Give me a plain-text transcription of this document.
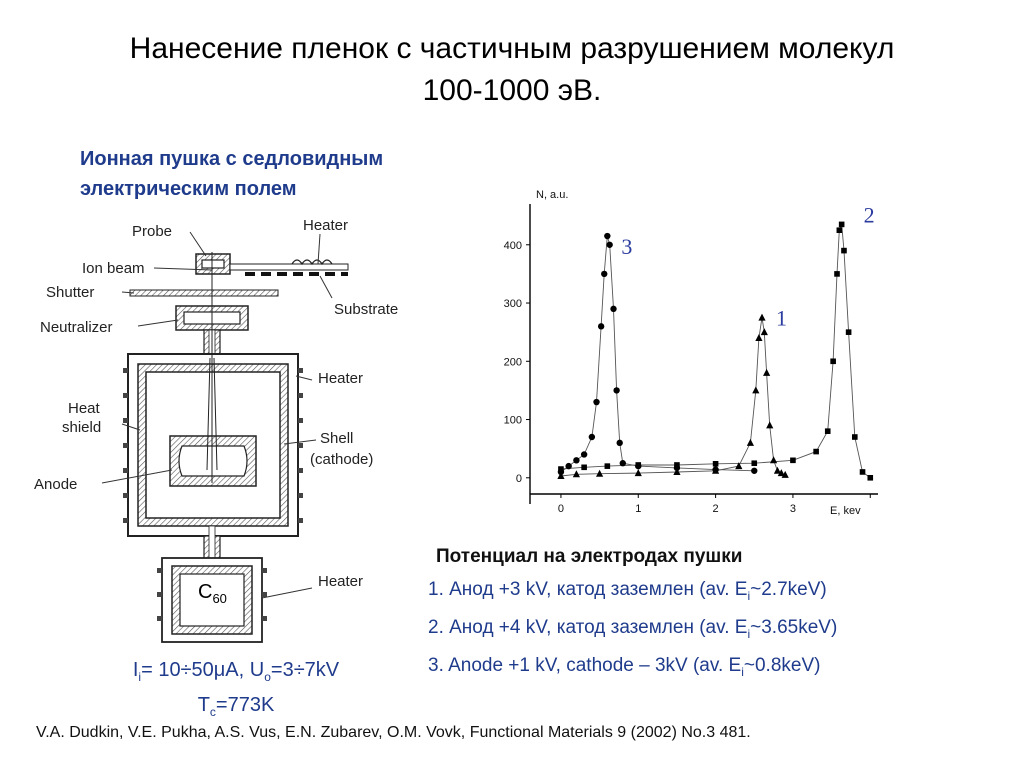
Нанесение пленок с частичным разрушением молекул
100-1000 эВ.
Ионная пушка с седловидным
электрическим полем
$C_{60}$
Probe	Heater
Ion beam
Shutter
Substrate
Neutralizer
Heater
Heat
shield
Shell
(cathode)
Anode
Heater
N, a.u.
E, kev
0
100
200
300
400
0	1	2	3
1
2
3
Потенциал на электродах пушки
1. Анод +3 kV, катод заземлен (av. $E_i\sim 2.7keV$)
2. Анод +4 kV, катод заземлен (av. $E_i\sim 3.65keV$)
3. Anode +1 kV, cathode – 3kV (av. $E_i\sim 0.8keV$)
$I_i= 10\div 50\mu A$, $U_o=3\div 7kV$
$T_c=773K$
V.A. Dudkin, V.E. Pukha, A.S. Vus, E.N. Zubarev, O.M. Vovk, Functional Materials 9 (2002) No.3 481.
